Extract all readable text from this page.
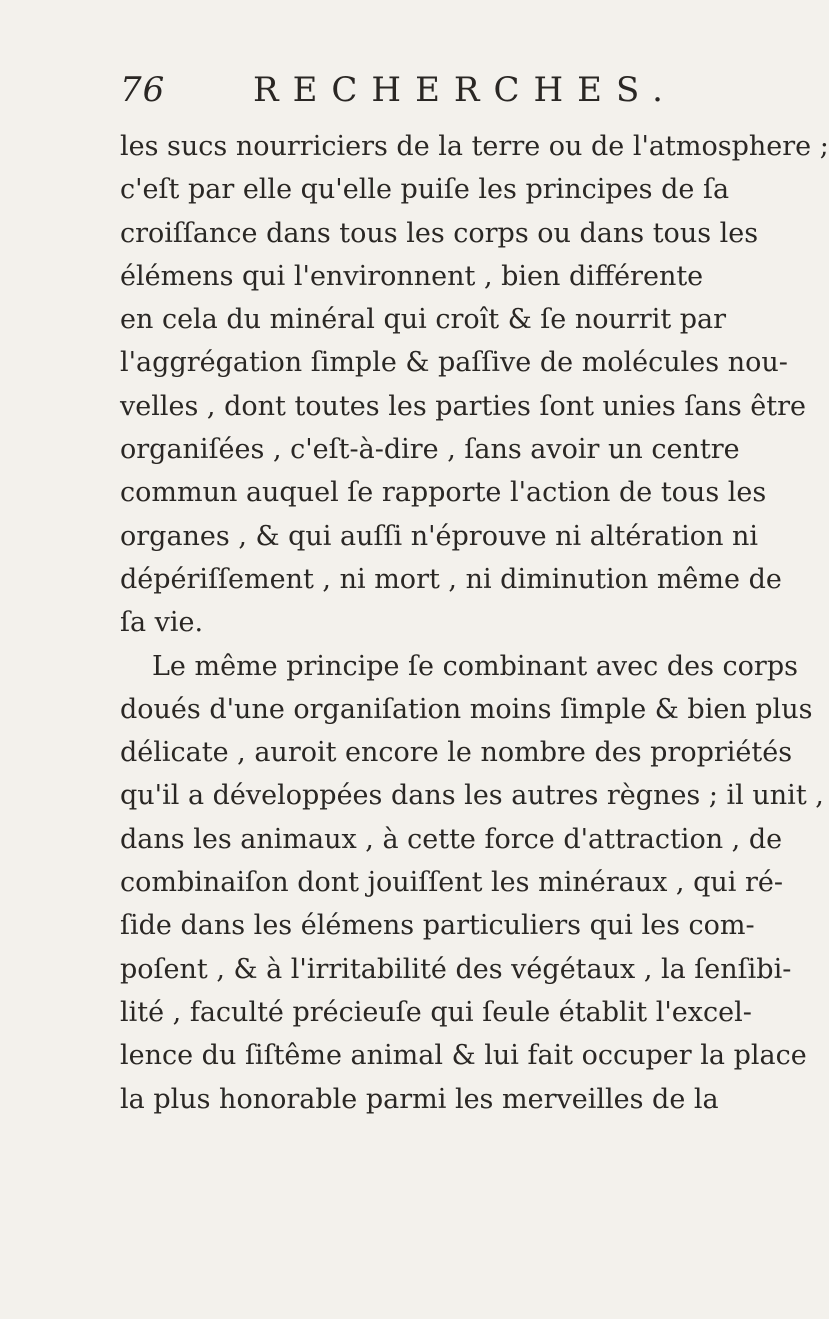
76	RECHERCHES.
les sucs nourriciers de la terre ou de l'atmosphere ;
c'eſt par elle qu'elle puiſe les principes de ſa
croiſſance dans tous les corps ou dans tous les
élémens qui l'environnent , bien différente
en cela du minéral qui croît & ſe nourrit par
l'aggrégation ſimple & paſſive de molécules nou-
velles , dont toutes les parties ſont unies ſans être
organiſées , c'eſt-à-dire , ſans avoir un centre
commun auquel ſe rapporte l'action de tous les
organes , & qui auſſi n'éprouve ni altération ni
dépériſſement , ni mort , ni diminution même de
ſa vie.
Le même principe ſe combinant avec des corps
doués d'une organiſation moins ſimple & bien plus
délicate , auroit encore le nombre des propriétés
qu'il a développées dans les autres règnes ; il unit ,
dans les animaux , à cette force d'attraction , de
combinaiſon dont jouiſſent les minéraux , qui ré-
ſide dans les élémens particuliers qui les com-
poſent , & à l'irritabilité des végétaux , la ſenſibi-
lité , faculté précieuſe qui ſeule établit l'excel-
lence du ſiſtême animal & lui fait occuper la place
la plus honorable parmi les merveilles de la
